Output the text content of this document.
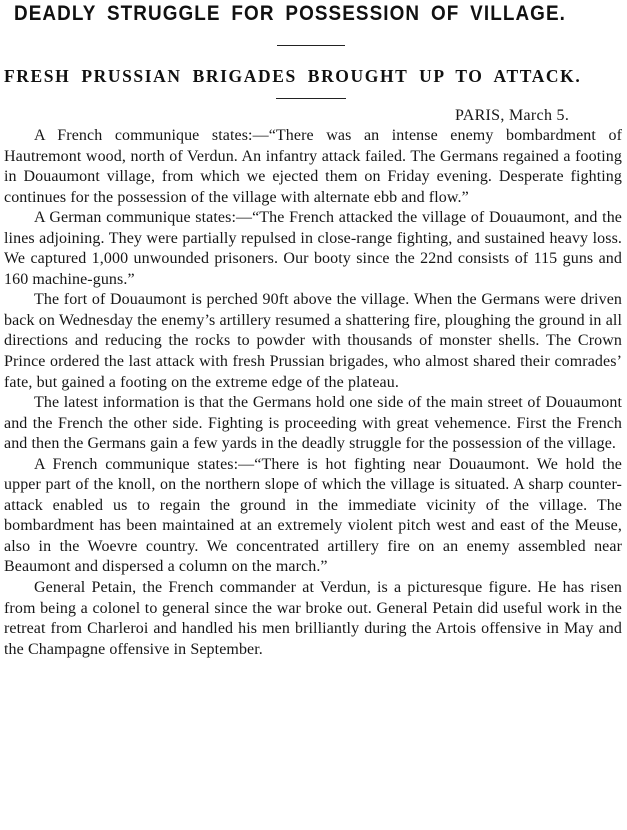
DEADLY STRUGGLE FOR POSSESSION OF VILLAGE.
FRESH PRUSSIAN BRIGADES BROUGHT UP TO ATTACK.
PARIS, March 5.

A French communique states:—“There was an intense enemy bombardment of Hautremont wood, north of Verdun. An infantry attack failed. The Germans regained a footing in Douaumont village, from which we ejected them on Friday evening. Desperate fighting continues for the possession of the village with alternate ebb and flow.”

A German communique states:—“The French attacked the village of Douaumont, and the lines adjoining. They were partially repulsed in close-range fighting, and sustained heavy loss. We captured 1,000 unwounded prisoners. Our booty since the 22nd consists of 115 guns and 160 machine-guns.”

The fort of Douaumont is perched 90ft above the village. When the Germans were driven back on Wednesday the enemy’s artillery resumed a shattering fire, ploughing the ground in all directions and reducing the rocks to powder with thousands of monster shells. The Crown Prince ordered the last attack with fresh Prussian brigades, who almost shared their comrades’ fate, but gained a footing on the extreme edge of the plateau.

The latest information is that the Germans hold one side of the main street of Douaumont and the French the other side. Fighting is proceeding with great vehemence. First the French and then the Germans gain a few yards in the deadly struggle for the possession of the village.

A French communique states:—“There is hot fighting near Douaumont. We hold the upper part of the knoll, on the northern slope of which the village is situated. A sharp counter-attack enabled us to regain the ground in the immediate vicinity of the village. The bombardment has been maintained at an extremely violent pitch west and east of the Meuse, also in the Woevre country. We concentrated artillery fire on an enemy assembled near Beaumont and dispersed a column on the march.”

General Petain, the French commander at Verdun, is a picturesque figure. He has risen from being a colonel to general since the war broke out. General Petain did useful work in the retreat from Charleroi and handled his men brilliantly during the Artois offensive in May and the Champagne offensive in September.
